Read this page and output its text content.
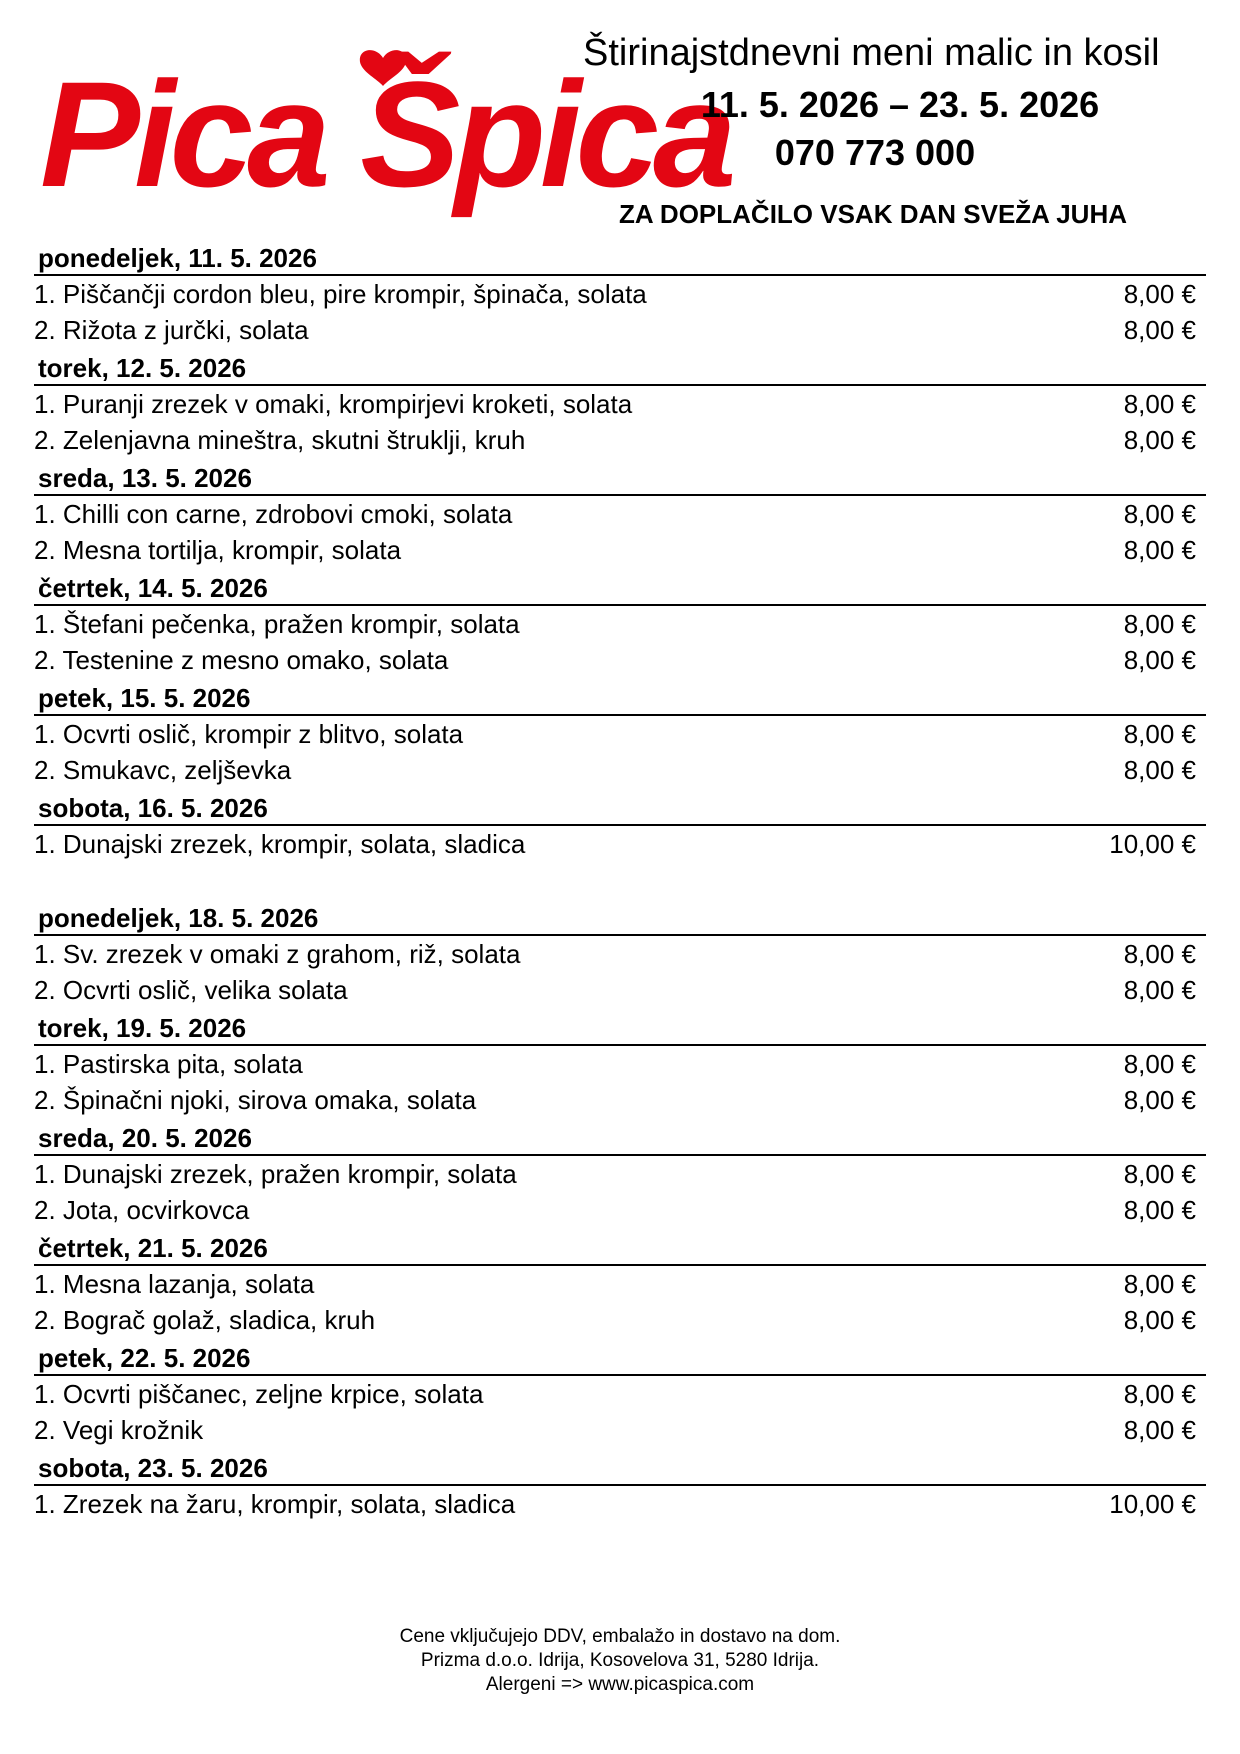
Pica Špica
Štirinajstdnevni meni malic in kosil
11. 5. 2026 – 23. 5. 2026
070 773 000
ZA DOPLAČILO VSAK DAN SVEŽA JUHA
ponedeljek, 11. 5. 2026
1. Piščančji cordon bleu, pire krompir, špinača, solata	8,00 €
2. Rižota z jurčki, solata	8,00 €
torek, 12. 5. 2026
1. Puranji zrezek v omaki, krompirjevi kroketi, solata	8,00 €
2. Zelenjavna mineštra, skutni štruklji, kruh	8,00 €
sreda, 13. 5. 2026
1. Chilli con carne, zdrobovi cmoki, solata	8,00 €
2. Mesna tortilja, krompir, solata	8,00 €
četrtek, 14. 5. 2026
1. Štefani pečenka, pražen krompir, solata	8,00 €
2. Testenine z mesno omako, solata	8,00 €
petek, 15. 5. 2026
1. Ocvrti oslič, krompir z blitvo, solata	8,00 €
2. Smukavc, zeljševka	8,00 €
sobota, 16. 5. 2026
1. Dunajski zrezek, krompir, solata, sladica	10,00 €
ponedeljek, 18. 5. 2026
1. Sv. zrezek v omaki z grahom, riž, solata	8,00 €
2. Ocvrti oslič, velika solata	8,00 €
torek, 19. 5. 2026
1. Pastirska pita, solata	8,00 €
2. Špinačni njoki, sirova omaka, solata	8,00 €
sreda, 20. 5. 2026
1. Dunajski zrezek, pražen krompir, solata	8,00 €
2. Jota, ocvirkovca	8,00 €
četrtek, 21. 5. 2026
1. Mesna lazanja, solata	8,00 €
2. Bograč golaž, sladica, kruh	8,00 €
petek, 22. 5. 2026
1. Ocvrti piščanec, zeljne krpice, solata	8,00 €
2. Vegi krožnik	8,00 €
sobota, 23. 5. 2026
1. Zrezek na žaru, krompir, solata, sladica	10,00 €
Cene vključujejo DDV, embalažo in dostavo na dom.
Prizma d.o.o. Idrija, Kosovelova 31, 5280 Idrija.
Alergeni => www.picaspica.com
